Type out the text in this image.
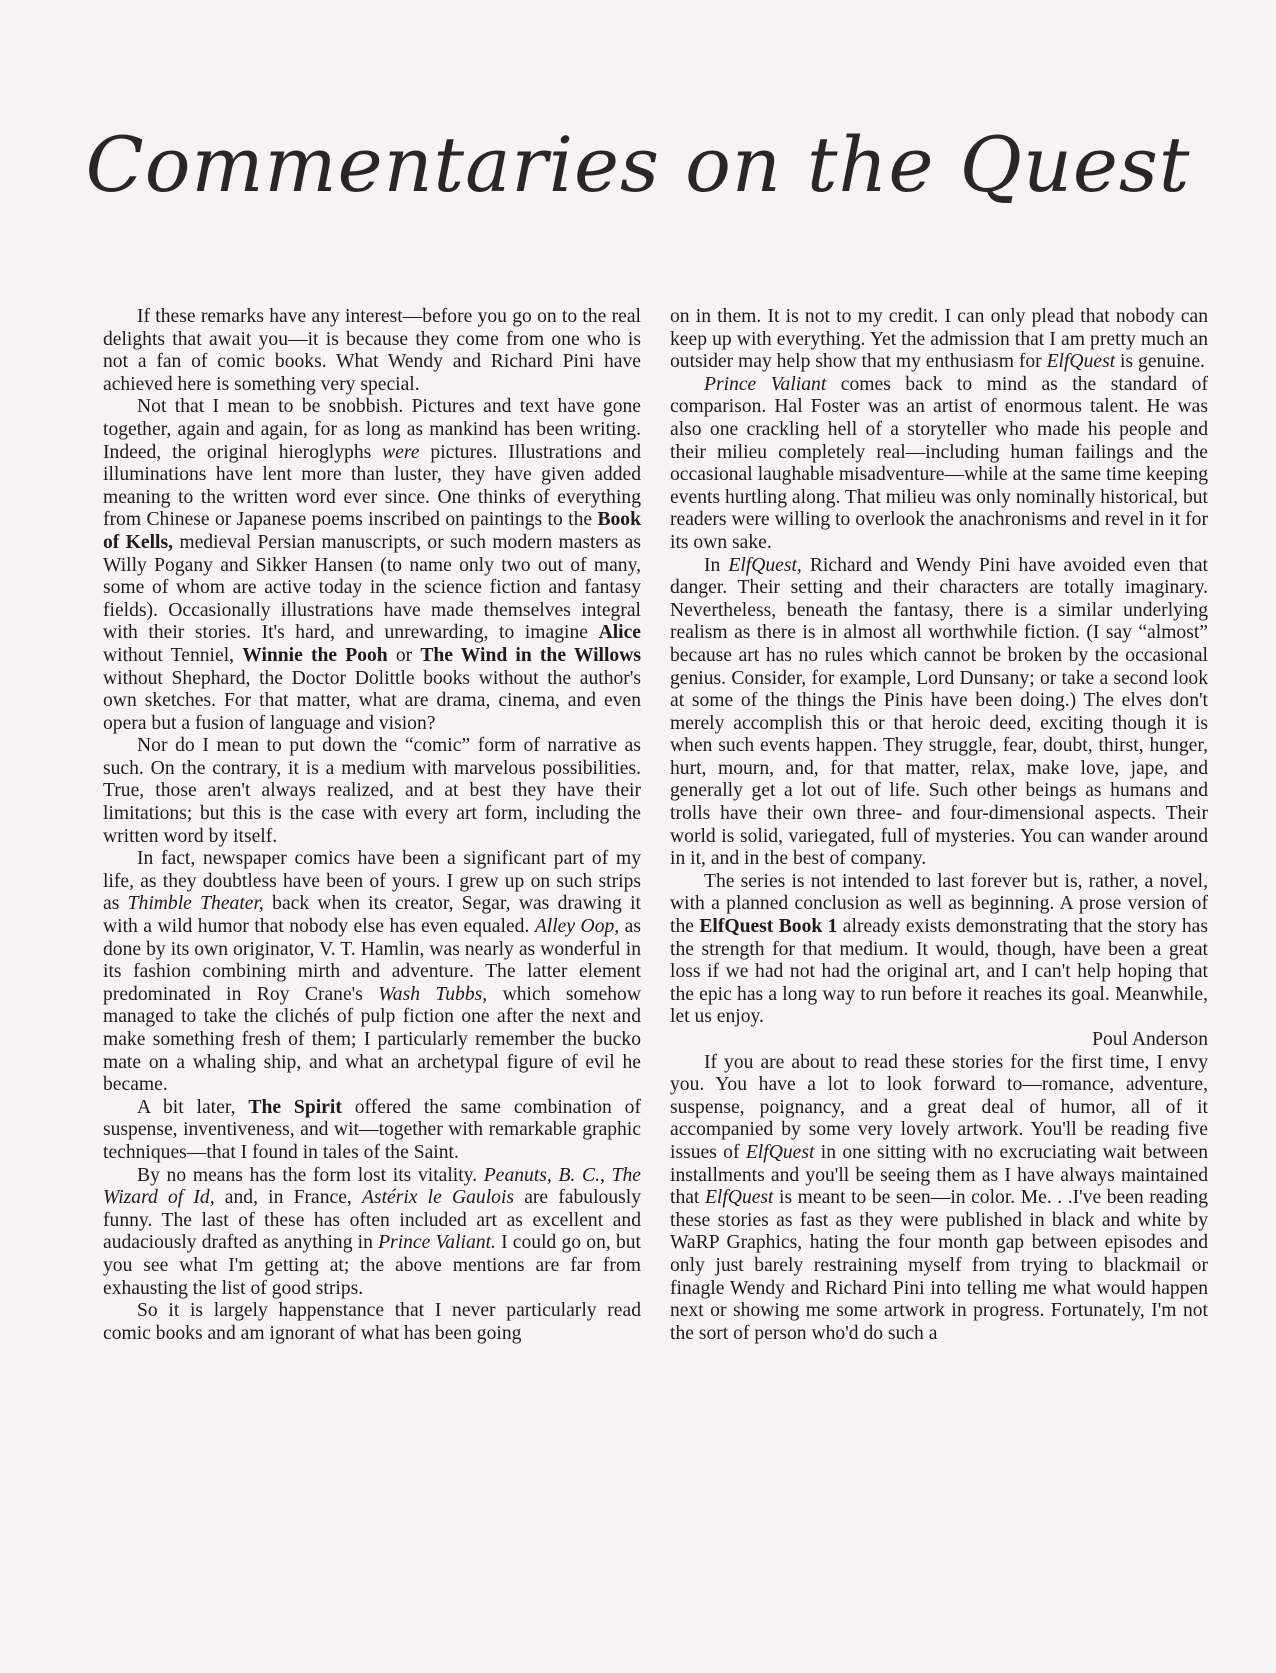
Commentaries on the Quest

If these remarks have any interest—before you go on to the real delights that await you—it is because they come from one who is not a fan of comic books. What Wendy and Richard Pini have achieved here is something very special.

Not that I mean to be snobbish. Pictures and text have gone together, again and again, for as long as mankind has been writing. Indeed, the original hieroglyphs were pictures. Illustrations and illuminations have lent more than luster, they have given added meaning to the written word ever since. One thinks of everything from Chinese or Japanese poems inscribed on paintings to the Book of Kells, medieval Persian manuscripts, or such modern masters as Willy Pogany and Sikker Hansen (to name only two out of many, some of whom are active today in the science fiction and fantasy fields). Occasionally illustrations have made themselves integral with their stories. It's hard, and unrewarding, to imagine Alice without Tenniel, Winnie the Pooh or The Wind in the Willows without Shephard, the Doctor Dolittle books without the author's own sketches. For that matter, what are drama, cinema, and even opera but a fusion of language and vision?

Nor do I mean to put down the “comic” form of narrative as such. On the contrary, it is a medium with marvelous possibilities. True, those aren't always realized, and at best they have their limitations; but this is the case with every art form, including the written word by itself.

In fact, newspaper comics have been a significant part of my life, as they doubtless have been of yours. I grew up on such strips as Thimble Theater, back when its creator, Segar, was drawing it with a wild humor that nobody else has even equaled. Alley Oop, as done by its own originator, V. T. Hamlin, was nearly as wonderful in its fashion combining mirth and adventure. The latter element predominated in Roy Crane's Wash Tubbs, which somehow managed to take the clichés of pulp fiction one after the next and make something fresh of them; I particularly remember the bucko mate on a whaling ship, and what an archetypal figure of evil he became.

A bit later, The Spirit offered the same combination of suspense, inventiveness, and wit—together with remarkable graphic techniques—that I found in tales of the Saint.

By no means has the form lost its vitality. Peanuts, B. C., The Wizard of Id, and, in France, Astérix le Gaulois are fabulously funny. The last of these has often included art as excellent and audaciously drafted as anything in Prince Valiant. I could go on, but you see what I'm getting at; the above mentions are far from exhausting the list of good strips.

So it is largely happenstance that I never particularly read comic books and am ignorant of what has been going

on in them. It is not to my credit. I can only plead that nobody can keep up with everything. Yet the admission that I am pretty much an outsider may help show that my enthusiasm for ElfQuest is genuine.

Prince Valiant comes back to mind as the standard of comparison. Hal Foster was an artist of enormous talent. He was also one crackling hell of a storyteller who made his people and their milieu completely real—including human failings and the occasional laughable misadventure—while at the same time keeping events hurtling along. That milieu was only nominally historical, but readers were willing to overlook the anachronisms and revel in it for its own sake.

In ElfQuest, Richard and Wendy Pini have avoided even that danger. Their setting and their characters are totally imaginary. Nevertheless, beneath the fantasy, there is a similar underlying realism as there is in almost all worthwhile fiction. (I say “almost” because art has no rules which cannot be broken by the occasional genius. Consider, for example, Lord Dunsany; or take a second look at some of the things the Pinis have been doing.) The elves don't merely accomplish this or that heroic deed, exciting though it is when such events happen. They struggle, fear, doubt, thirst, hunger, hurt, mourn, and, for that matter, relax, make love, jape, and generally get a lot out of life. Such other beings as humans and trolls have their own three- and four-dimensional aspects. Their world is solid, variegated, full of mysteries. You can wander around in it, and in the best of company.

The series is not intended to last forever but is, rather, a novel, with a planned conclusion as well as beginning. A prose version of the ElfQuest Book 1 already exists demonstrating that the story has the strength for that medium. It would, though, have been a great loss if we had not had the original art, and I can't help hoping that the epic has a long way to run before it reaches its goal. Meanwhile, let us enjoy.

Poul Anderson

If you are about to read these stories for the first time, I envy you. You have a lot to look forward to—romance, adventure, suspense, poignancy, and a great deal of humor, all of it accompanied by some very lovely artwork. You'll be reading five issues of ElfQuest in one sitting with no excruciating wait between installments and you'll be seeing them as I have always maintained that ElfQuest is meant to be seen—in color. Me. . .I've been reading these stories as fast as they were published in black and white by WaRP Graphics, hating the four month gap between episodes and only just barely restraining myself from trying to blackmail or finagle Wendy and Richard Pini into telling me what would happen next or showing me some artwork in progress. Fortunately, I'm not the sort of person who'd do such a
